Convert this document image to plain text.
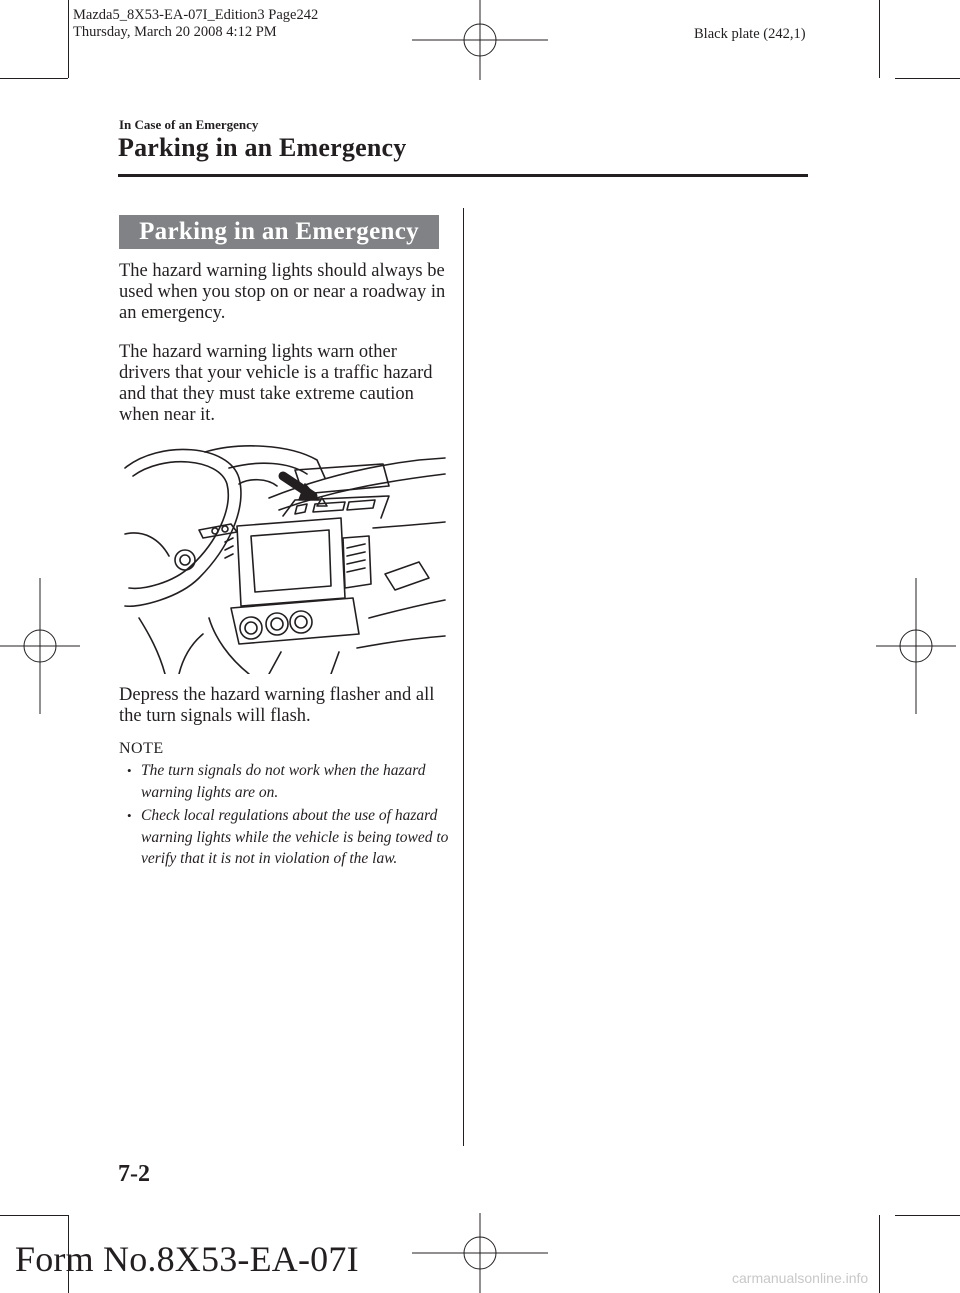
Mazda5_8X53-EA-07I_Edition3 Page242
Thursday, March 20 2008 4:12 PM	Black plate (242,1)
In Case of an Emergency
Parking in an Emergency
Parking in an Emergency
The hazard warning lights should always be used when you stop on or near a roadway in an emergency.
The hazard warning lights warn other drivers that your vehicle is a traffic hazard and that they must take extreme caution when near it.
Depress the hazard warning flasher and all the turn signals will flash.
NOTE
• The turn signals do not work when the hazard warning lights are on.
• Check local regulations about the use of hazard warning lights while the vehicle is being towed to verify that it is not in violation of the law.
7-2
Form No.8X53-EA-07I	carmanualsonline.info
